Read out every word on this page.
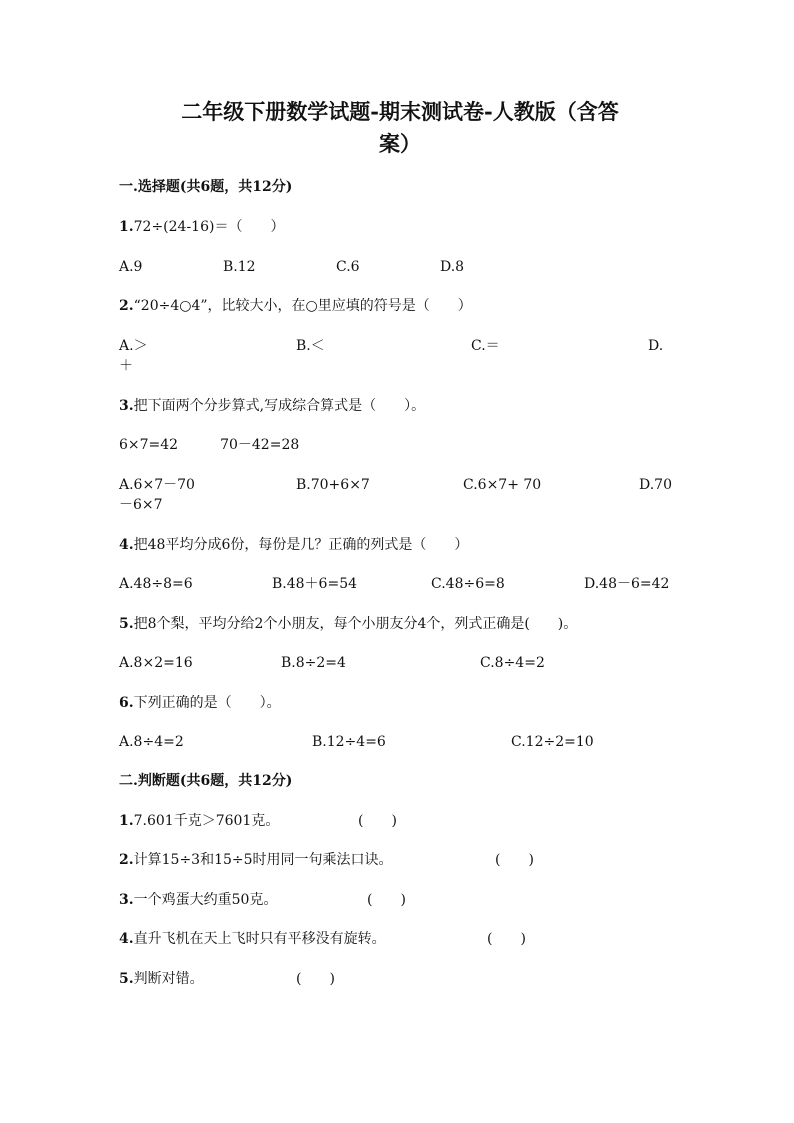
二年级下册数学试题-期末测试卷-人教版（含答
案）
一.选择题(共6题，共12分)
1.72÷(24-16)＝（　　）
A.9	B.12	C.6	D.8
2.“20÷4○4”，比较大小，在○里应填的符号是（　　）
A.＞	B.＜	C.＝	D.
＋
3.把下面两个分步算式,写成综合算式是（　　）。
6×7=42　　　70－42=28
A.6×7－70	B.70+6×7	C.6×7+ 70	D.70
－6×7
4.把48平均分成6份，每份是几？正确的列式是（　　）
A.48÷8=6	B.48＋6=54	C.48÷6=8	D.48－6=42
5.把8个梨，平均分给2个小朋友，每个小朋友分4个，列式正确是(　　)。
A.8×2=16	B.8÷2=4	C.8÷4=2
6.下列正确的是（　　）。
A.8÷4=2	B.12÷4=6	C.12÷2=10
二.判断题(共6题，共12分)
1.7.601千克＞7601克。	(　　)
2.计算15÷3和15÷5时用同一句乘法口诀。	(　　)
3.一个鸡蛋大约重50克。	(　　)
4.直升飞机在天上飞时只有平移没有旋转。	(　　)
5.判断对错。	(　　)
